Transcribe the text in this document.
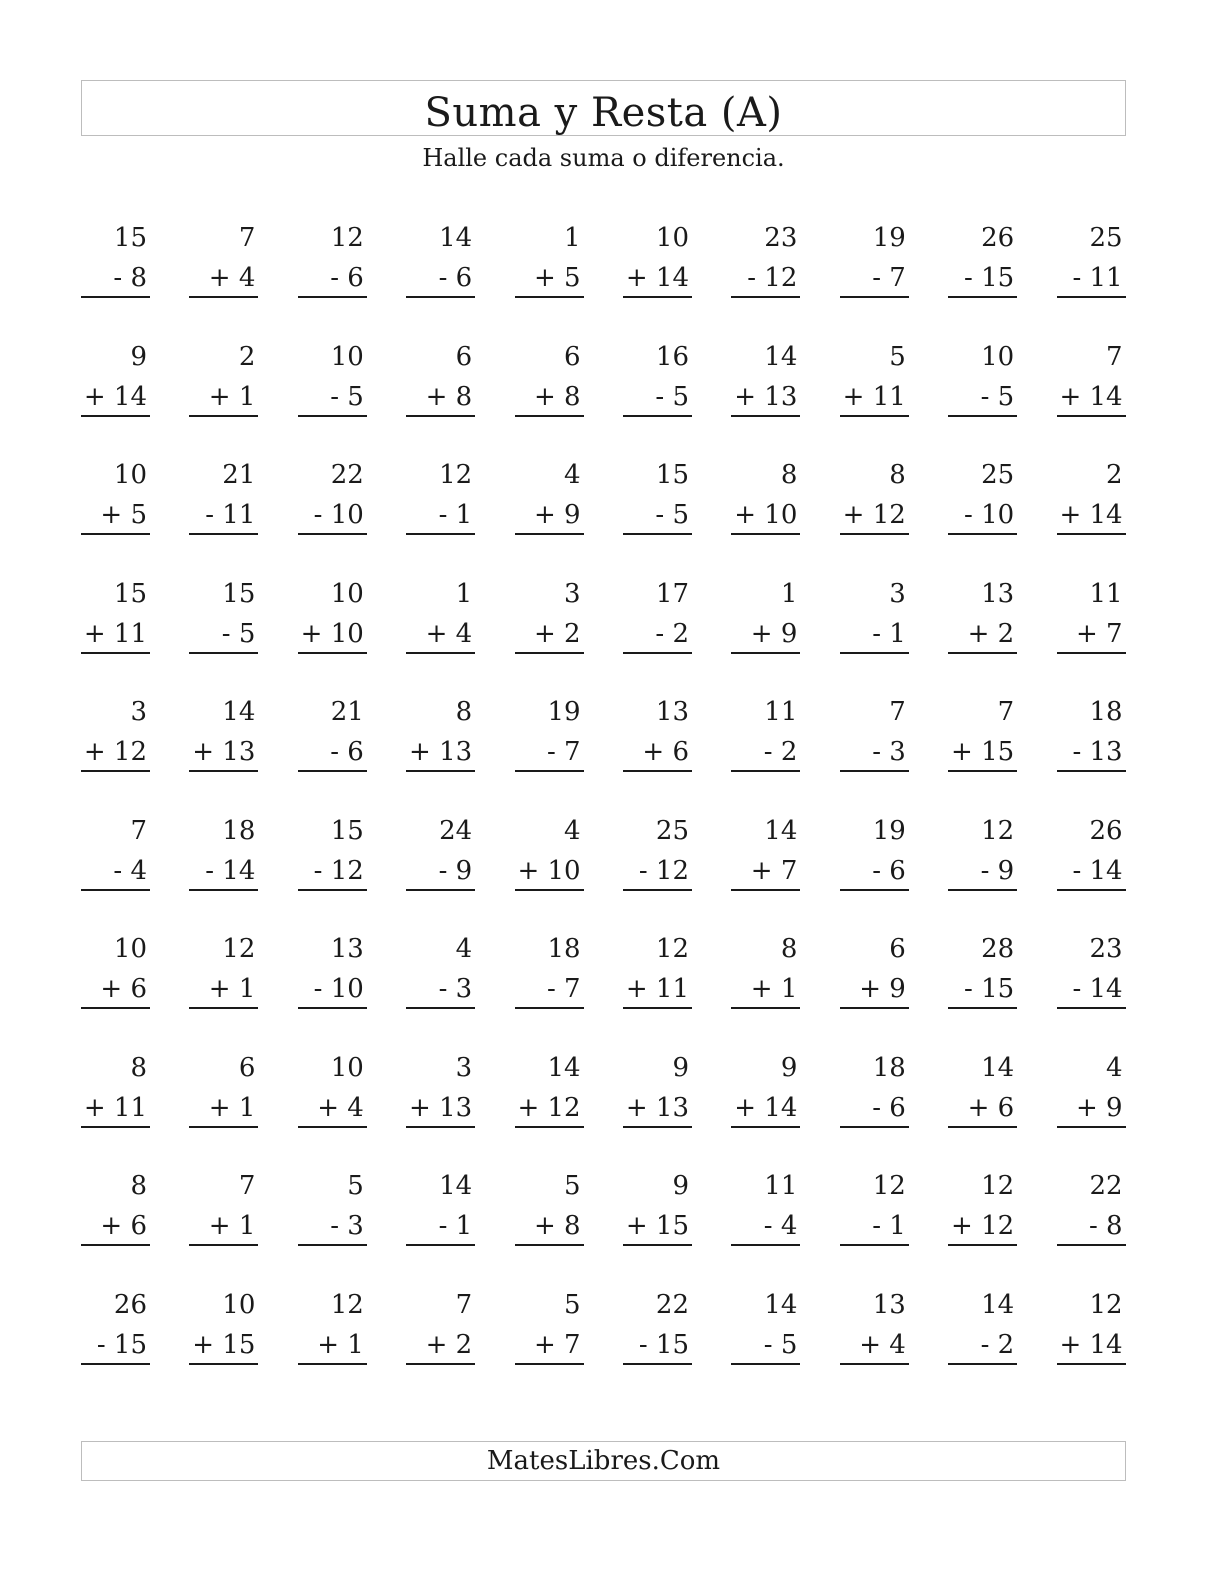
Suma y Resta (A)
Halle cada suma o diferencia.
15
- 8
7
+ 4
12
- 6
14
- 6
1
+ 5
10
+ 14
23
- 12
19
- 7
26
- 15
25
- 11
9
+ 14
2
+ 1
10
- 5
6
+ 8
6
+ 8
16
- 5
14
+ 13
5
+ 11
10
- 5
7
+ 14
10
+ 5
21
- 11
22
- 10
12
- 1
4
+ 9
15
- 5
8
+ 10
8
+ 12
25
- 10
2
+ 14
15
+ 11
15
- 5
10
+ 10
1
+ 4
3
+ 2
17
- 2
1
+ 9
3
- 1
13
+ 2
11
+ 7
3
+ 12
14
+ 13
21
- 6
8
+ 13
19
- 7
13
+ 6
11
- 2
7
- 3
7
+ 15
18
- 13
7
- 4
18
- 14
15
- 12
24
- 9
4
+ 10
25
- 12
14
+ 7
19
- 6
12
- 9
26
- 14
10
+ 6
12
+ 1
13
- 10
4
- 3
18
- 7
12
+ 11
8
+ 1
6
+ 9
28
- 15
23
- 14
8
+ 11
6
+ 1
10
+ 4
3
+ 13
14
+ 12
9
+ 13
9
+ 14
18
- 6
14
+ 6
4
+ 9
8
+ 6
7
+ 1
5
- 3
14
- 1
5
+ 8
9
+ 15
11
- 4
12
- 1
12
+ 12
22
- 8
26
- 15
10
+ 15
12
+ 1
7
+ 2
5
+ 7
22
- 15
14
- 5
13
+ 4
14
- 2
12
+ 14
MatesLibres.Com
